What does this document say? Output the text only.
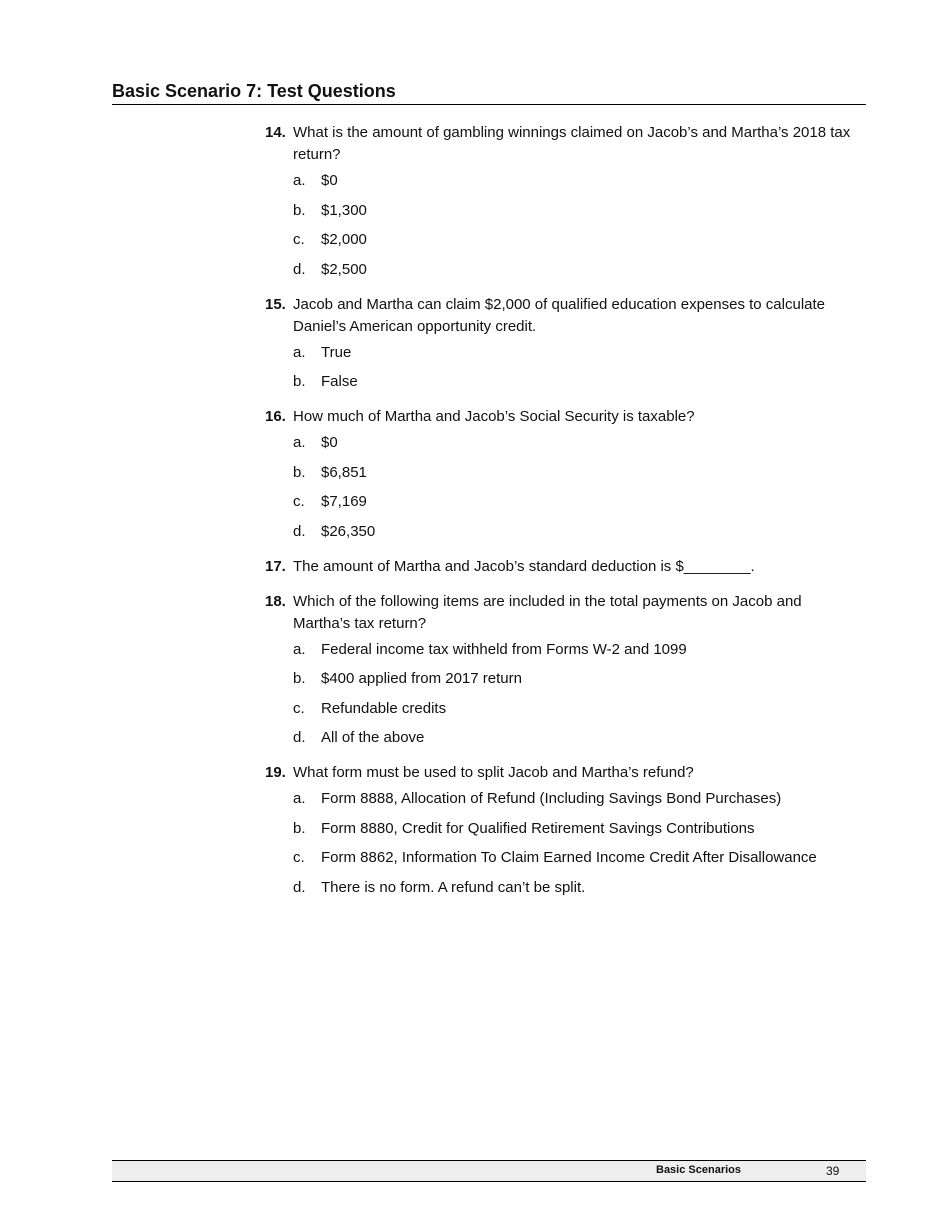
Basic Scenario 7: Test Questions
14. What is the amount of gambling winnings claimed on Jacob’s and Martha’s 2018 tax return?
a.	$0
b.	$1,300
c.	$2,000
d.	$2,500
15. Jacob and Martha can claim $2,000 of qualified education expenses to calculate Daniel’s American opportunity credit.
a.	True
b.	False
16. How much of Martha and Jacob’s Social Security is taxable?
a.	$0
b.	$6,851
c.	$7,169
d.	$26,350
17. The amount of Martha and Jacob’s standard deduction is $________.
18. Which of the following items are included in the total payments on Jacob and Martha’s tax return?
a.	Federal income tax withheld from Forms W-2 and 1099
b.	$400 applied from 2017 return
c.	Refundable credits
d.	All of the above
19. What form must be used to split Jacob and Martha’s refund?
a.	Form 8888, Allocation of Refund (Including Savings Bond Purchases)
b.	Form 8880, Credit for Qualified Retirement Savings Contributions
c.	Form 8862, Information To Claim Earned Income Credit After Disallowance
d.	There is no form. A refund can’t be split.
Basic Scenarios	39
